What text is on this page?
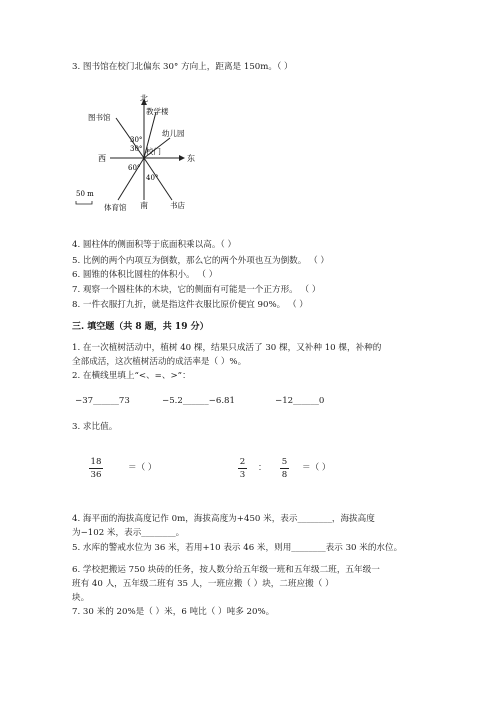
3. 图书馆在校门北偏东 30° 方向上，距离是 150m。（ ）
北
教学楼
图书馆
幼儿园
30°
30° 校门
西	东
60°
40°
50 m
体育馆 南	书店
4. 圆柱体的侧面积等于底面积乘以高。（ ）
5. 比例的两个内项互为倒数，那么它的两个外项也互为倒数。 （ ）
6. 圆锥的体积比圆柱的体积小。 （ ）
7. 观察一个圆柱体的木块，它的侧面有可能是一个正方形。 （ ）
8. 一件衣服打九折，就是指这件衣服比原价便宜 90%。 （ ）
三. 填空题（共 8 题，共 19 分）
1. 在一次植树活动中，植树 40 棵，结果只成活了 30 棵，又补种 10 棵，补种的
全部成活，这次植树活动的成活率是（ ）%。
2. 在横线里填上“<、=、>”：
−37______73	−5.2______−6.81	−12______0
3. 求比值。
18
36
＝（ ）
2
3
：
5
8
＝（ ）
4. 海平面的海拔高度记作 0m，海拔高度为+450 米，表示________，海拔高度
为−102 米，表示________。
5. 水库的警戒水位为 36 米，若用+10 表示 46 米，则用________表示 30 米的水位。
6. 学校把搬运 750 块砖的任务，按人数分给五年级一班和五年级二班，五年级一
班有 40 人，五年级二班有 35 人，一班应搬（ ）块，二班应搬（ ）
块。
7. 30 米的 20%是（ ）米，6 吨比（ ）吨多 20%。
